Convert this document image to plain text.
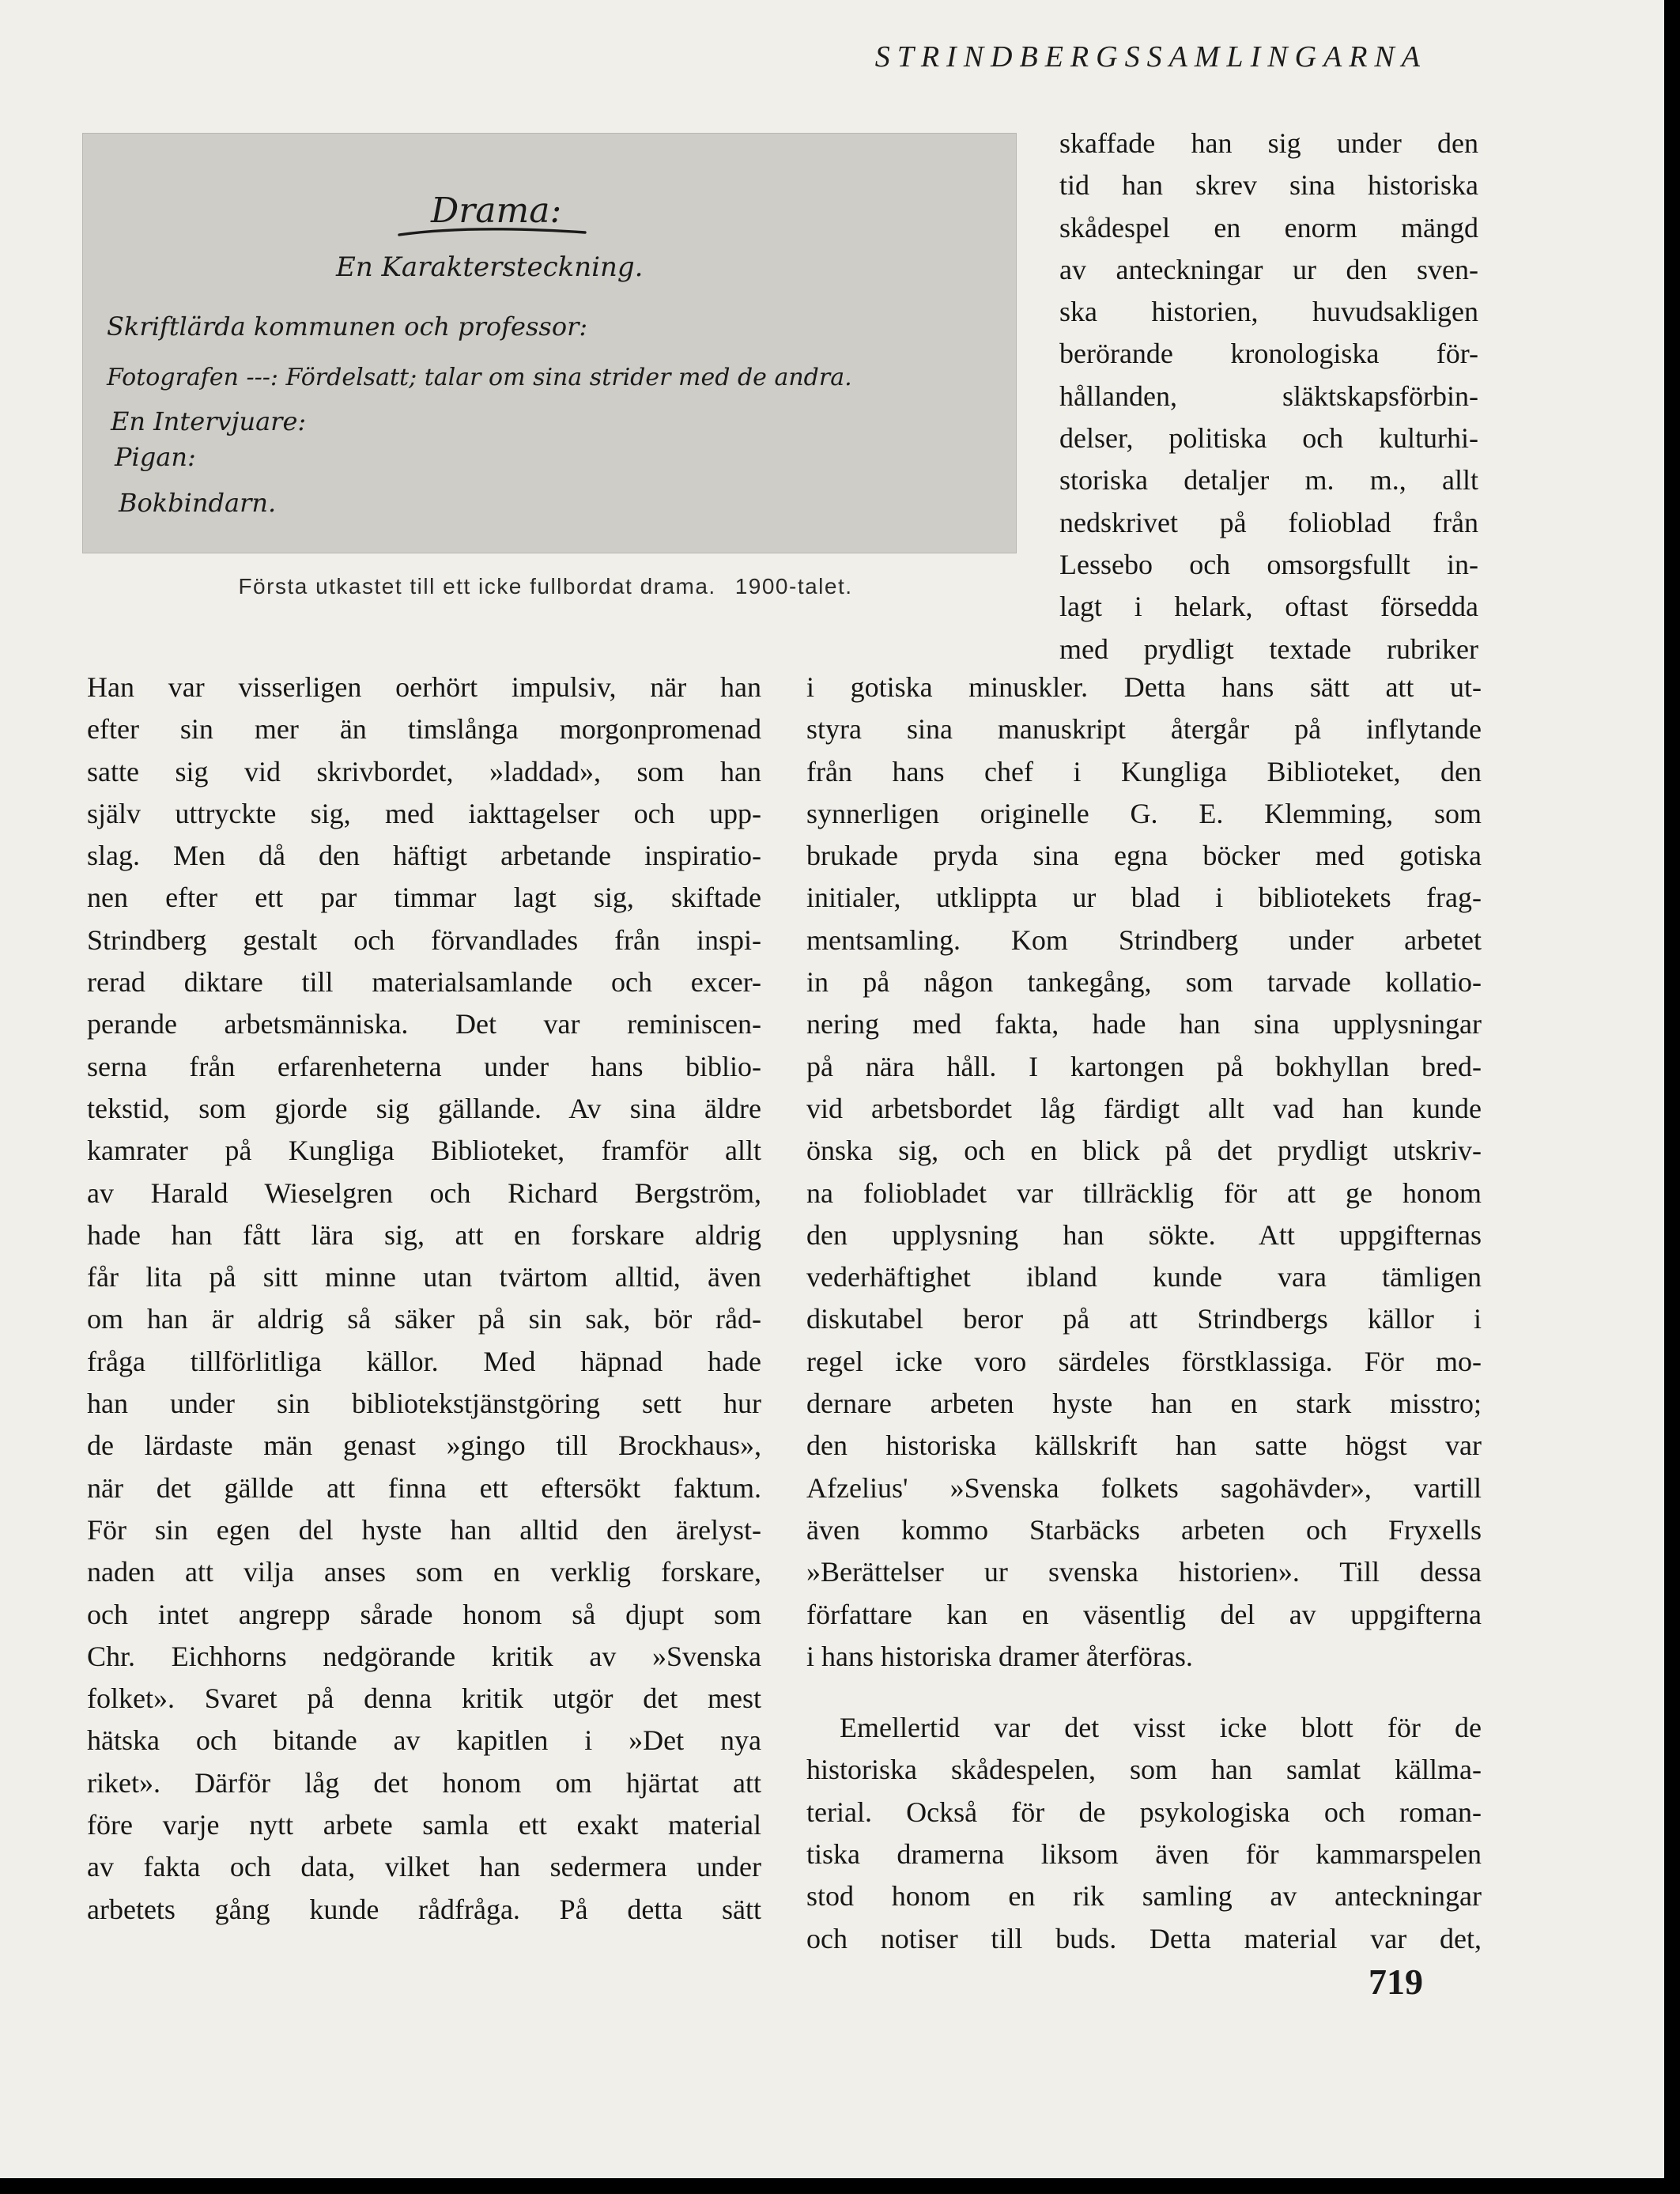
STRINDBERGSSAMLINGARNA
Drama:
En Karaktersteckning.
Skriftlärda kommunen och professor:
Fotografen ---: Fördelsatt; talar om sina strider med de andra.
En Intervjuare:
Pigan:
Bokbindarn.
Första utkastet till ett icke fullbordat drama. 1900-talet.
skaffade han sig under den
tid han skrev sina historiska
skådespel en enorm mängd
av anteckningar ur den sven-
ska historien, huvudsakligen
berörande kronologiska för-
hållanden, släktskapsförbin-
delser, politiska och kulturhi-
storiska detaljer m. m., allt
nedskrivet på folioblad från
Lessebo och omsorgsfullt in-
lagt i helark, oftast försedda
med prydligt textade rubriker
Han var visserligen oerhört impulsiv, när han
efter sin mer än timslånga morgonpromenad
satte sig vid skrivbordet, »laddad», som han
själv uttryckte sig, med iakttagelser och upp-
slag. Men då den häftigt arbetande inspiratio-
nen efter ett par timmar lagt sig, skiftade
Strindberg gestalt och förvandlades från inspi-
rerad diktare till materialsamlande och excer-
perande arbetsmänniska. Det var reminiscen-
serna från erfarenheterna under hans biblio-
tekstid, som gjorde sig gällande. Av sina äldre
kamrater på Kungliga Biblioteket, framför allt
av Harald Wieselgren och Richard Bergström,
hade han fått lära sig, att en forskare aldrig
får lita på sitt minne utan tvärtom alltid, även
om han är aldrig så säker på sin sak, bör råd-
fråga tillförlitliga källor. Med häpnad hade
han under sin bibliotekstjänstgöring sett hur
de lärdaste män genast »gingo till Brockhaus»,
när det gällde att finna ett eftersökt faktum.
För sin egen del hyste han alltid den ärelyst-
naden att vilja anses som en verklig forskare,
och intet angrepp sårade honom så djupt som
Chr. Eichhorns nedgörande kritik av »Svenska
folket». Svaret på denna kritik utgör det mest
hätska och bitande av kapitlen i »Det nya
riket». Därför låg det honom om hjärtat att
före varje nytt arbete samla ett exakt material
av fakta och data, vilket han sedermera under
arbetets gång kunde rådfråga. På detta sätt
i gotiska minuskler. Detta hans sätt att ut-
styra sina manuskript återgår på inflytande
från hans chef i Kungliga Biblioteket, den
synnerligen originelle G. E. Klemming, som
brukade pryda sina egna böcker med gotiska
initialer, utklippta ur blad i bibliotekets frag-
mentsamling. Kom Strindberg under arbetet
in på någon tankegång, som tarvade kollatio-
nering med fakta, hade han sina upplysningar
på nära håll. I kartongen på bokhyllan bred-
vid arbetsbordet låg färdigt allt vad han kunde
önska sig, och en blick på det prydligt utskriv-
na foliobladet var tillräcklig för att ge honom
den upplysning han sökte. Att uppgifternas
vederhäftighet ibland kunde vara tämligen
diskutabel beror på att Strindbergs källor i
regel icke voro särdeles förstklassiga. För mo-
dernare arbeten hyste han en stark misstro;
den historiska källskrift han satte högst var
Afzelius' »Svenska folkets sagohävder», vartill
även kommo Starbäcks arbeten och Fryxells
»Berättelser ur svenska historien». Till dessa
författare kan en väsentlig del av uppgifterna
i hans historiska dramer återföras.
Emellertid var det visst icke blott för de
historiska skådespelen, som han samlat källma-
terial. Också för de psykologiska och roman-
tiska dramerna liksom även för kammarspelen
stod honom en rik samling av anteckningar
och notiser till buds. Detta material var det,
719
